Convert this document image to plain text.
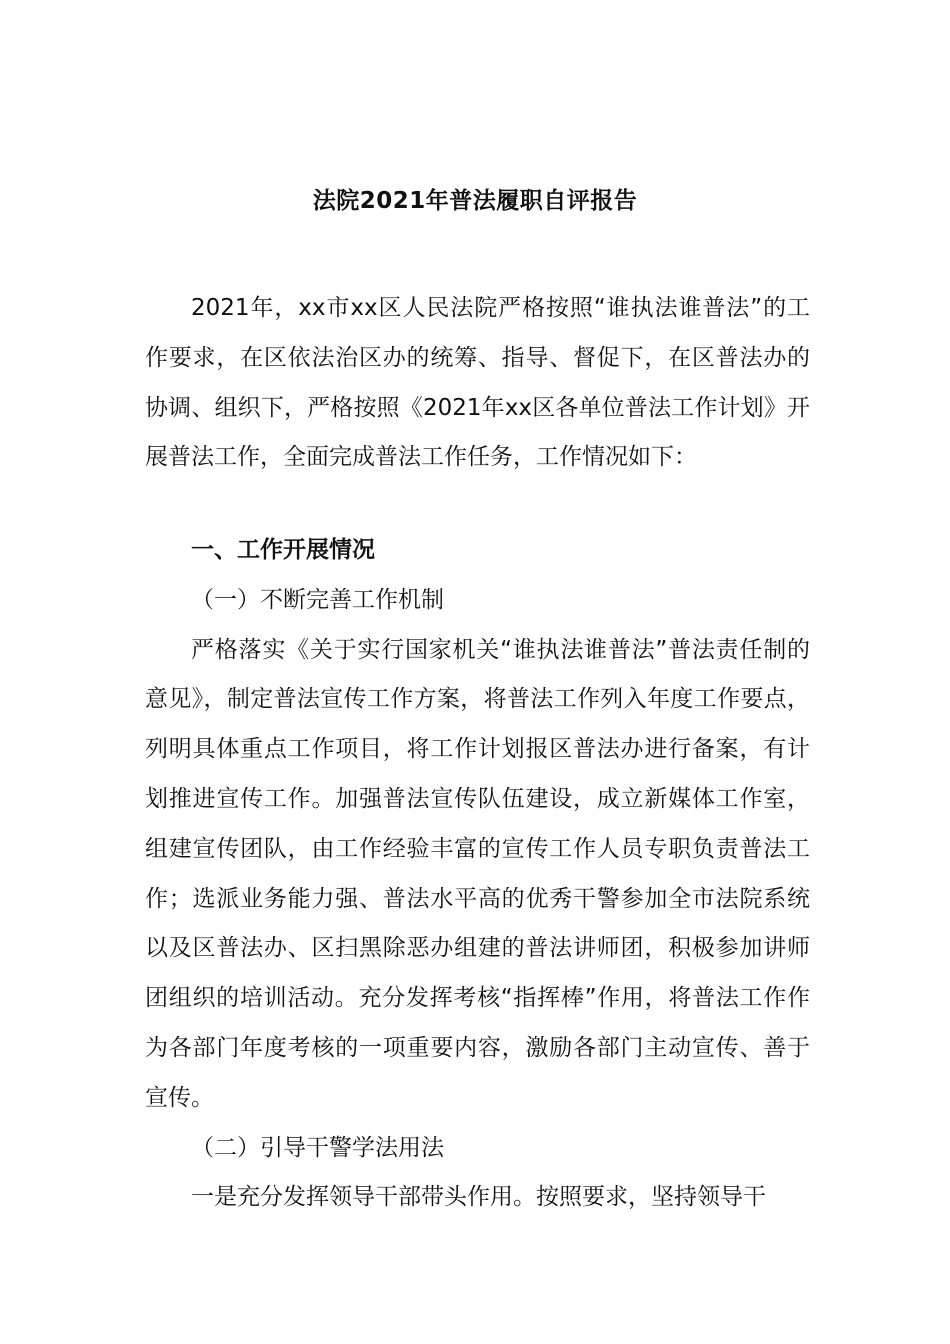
法院2021年普法履职自评报告

2021年，xx市xx区人民法院严格按照“谁执法谁普法”的工作要求，在区依法治区办的统筹、指导、督促下，在区普法办的协调、组织下，严格按照《2021年xx区各单位普法工作计划》开展普法工作，全面完成普法工作任务，工作情况如下：

一、工作开展情况

（一）不断完善工作机制

严格落实《关于实行国家机关“谁执法谁普法”普法责任制的意见》，制定普法宣传工作方案，将普法工作列入年度工作要点，列明具体重点工作项目，将工作计划报区普法办进行备案，有计划推进宣传工作。加强普法宣传队伍建设，成立新媒体工作室，组建宣传团队，由工作经验丰富的宣传工作人员专职负责普法工作；选派业务能力强、普法水平高的优秀干警参加全市法院系统以及区普法办、区扫黑除恶办组建的普法讲师团，积极参加讲师团组织的培训活动。充分发挥考核“指挥棒”作用，将普法工作作为各部门年度考核的一项重要内容，激励各部门主动宣传、善于宣传。

（二）引导干警学法用法

一是充分发挥领导干部带头作用。按照要求，坚持领导干
